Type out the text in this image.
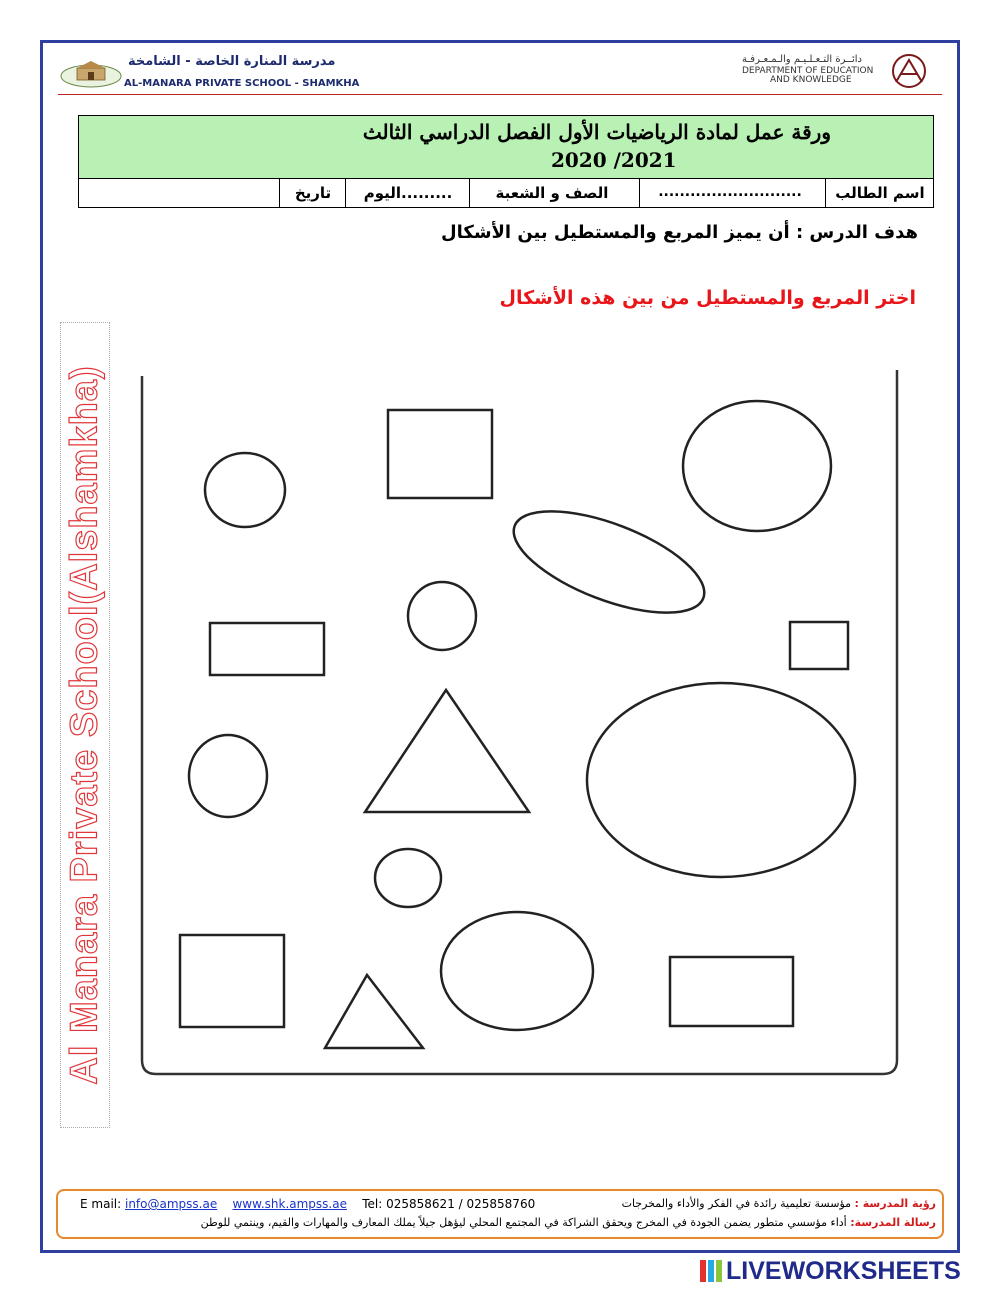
مدرسة المنارة الخاصة - الشامخة
AL-MANARA PRIVATE SCHOOL - SHAMKHA
دائــرة التـعـلـيـم والـمـعـرفـة
DEPARTMENT OF EDUCATION
AND KNOWLEDGE
ورقة عمل لمادة الرياضيات الأول الفصل الدراسي الثالث
2020 /2021
تاريخ	اليوم.........	الصف و الشعبة	...........................	اسم الطالب
هدف الدرس : أن يميز المربع والمستطيل بين الأشكال
اختر المربع والمستطيل من بين هذه الأشكال
Al Manara Private School(Alshamkha)
رؤية المدرسة : مؤسسة تعليمية رائدة في الفكر والأداء والمخرجات
رسالة المدرسة: أداء مؤسسي متطور يضمن الجودة في المخرج ويحقق الشراكة في المجتمع المحلي ليؤهل جيلاً يملك المعارف والمهارات والقيم، وينتمي للوطن
E mail: info@ampss.ae www.shk.ampss.ae Tel: 025858621 / 025858760
LIVEWORKSHEETS
